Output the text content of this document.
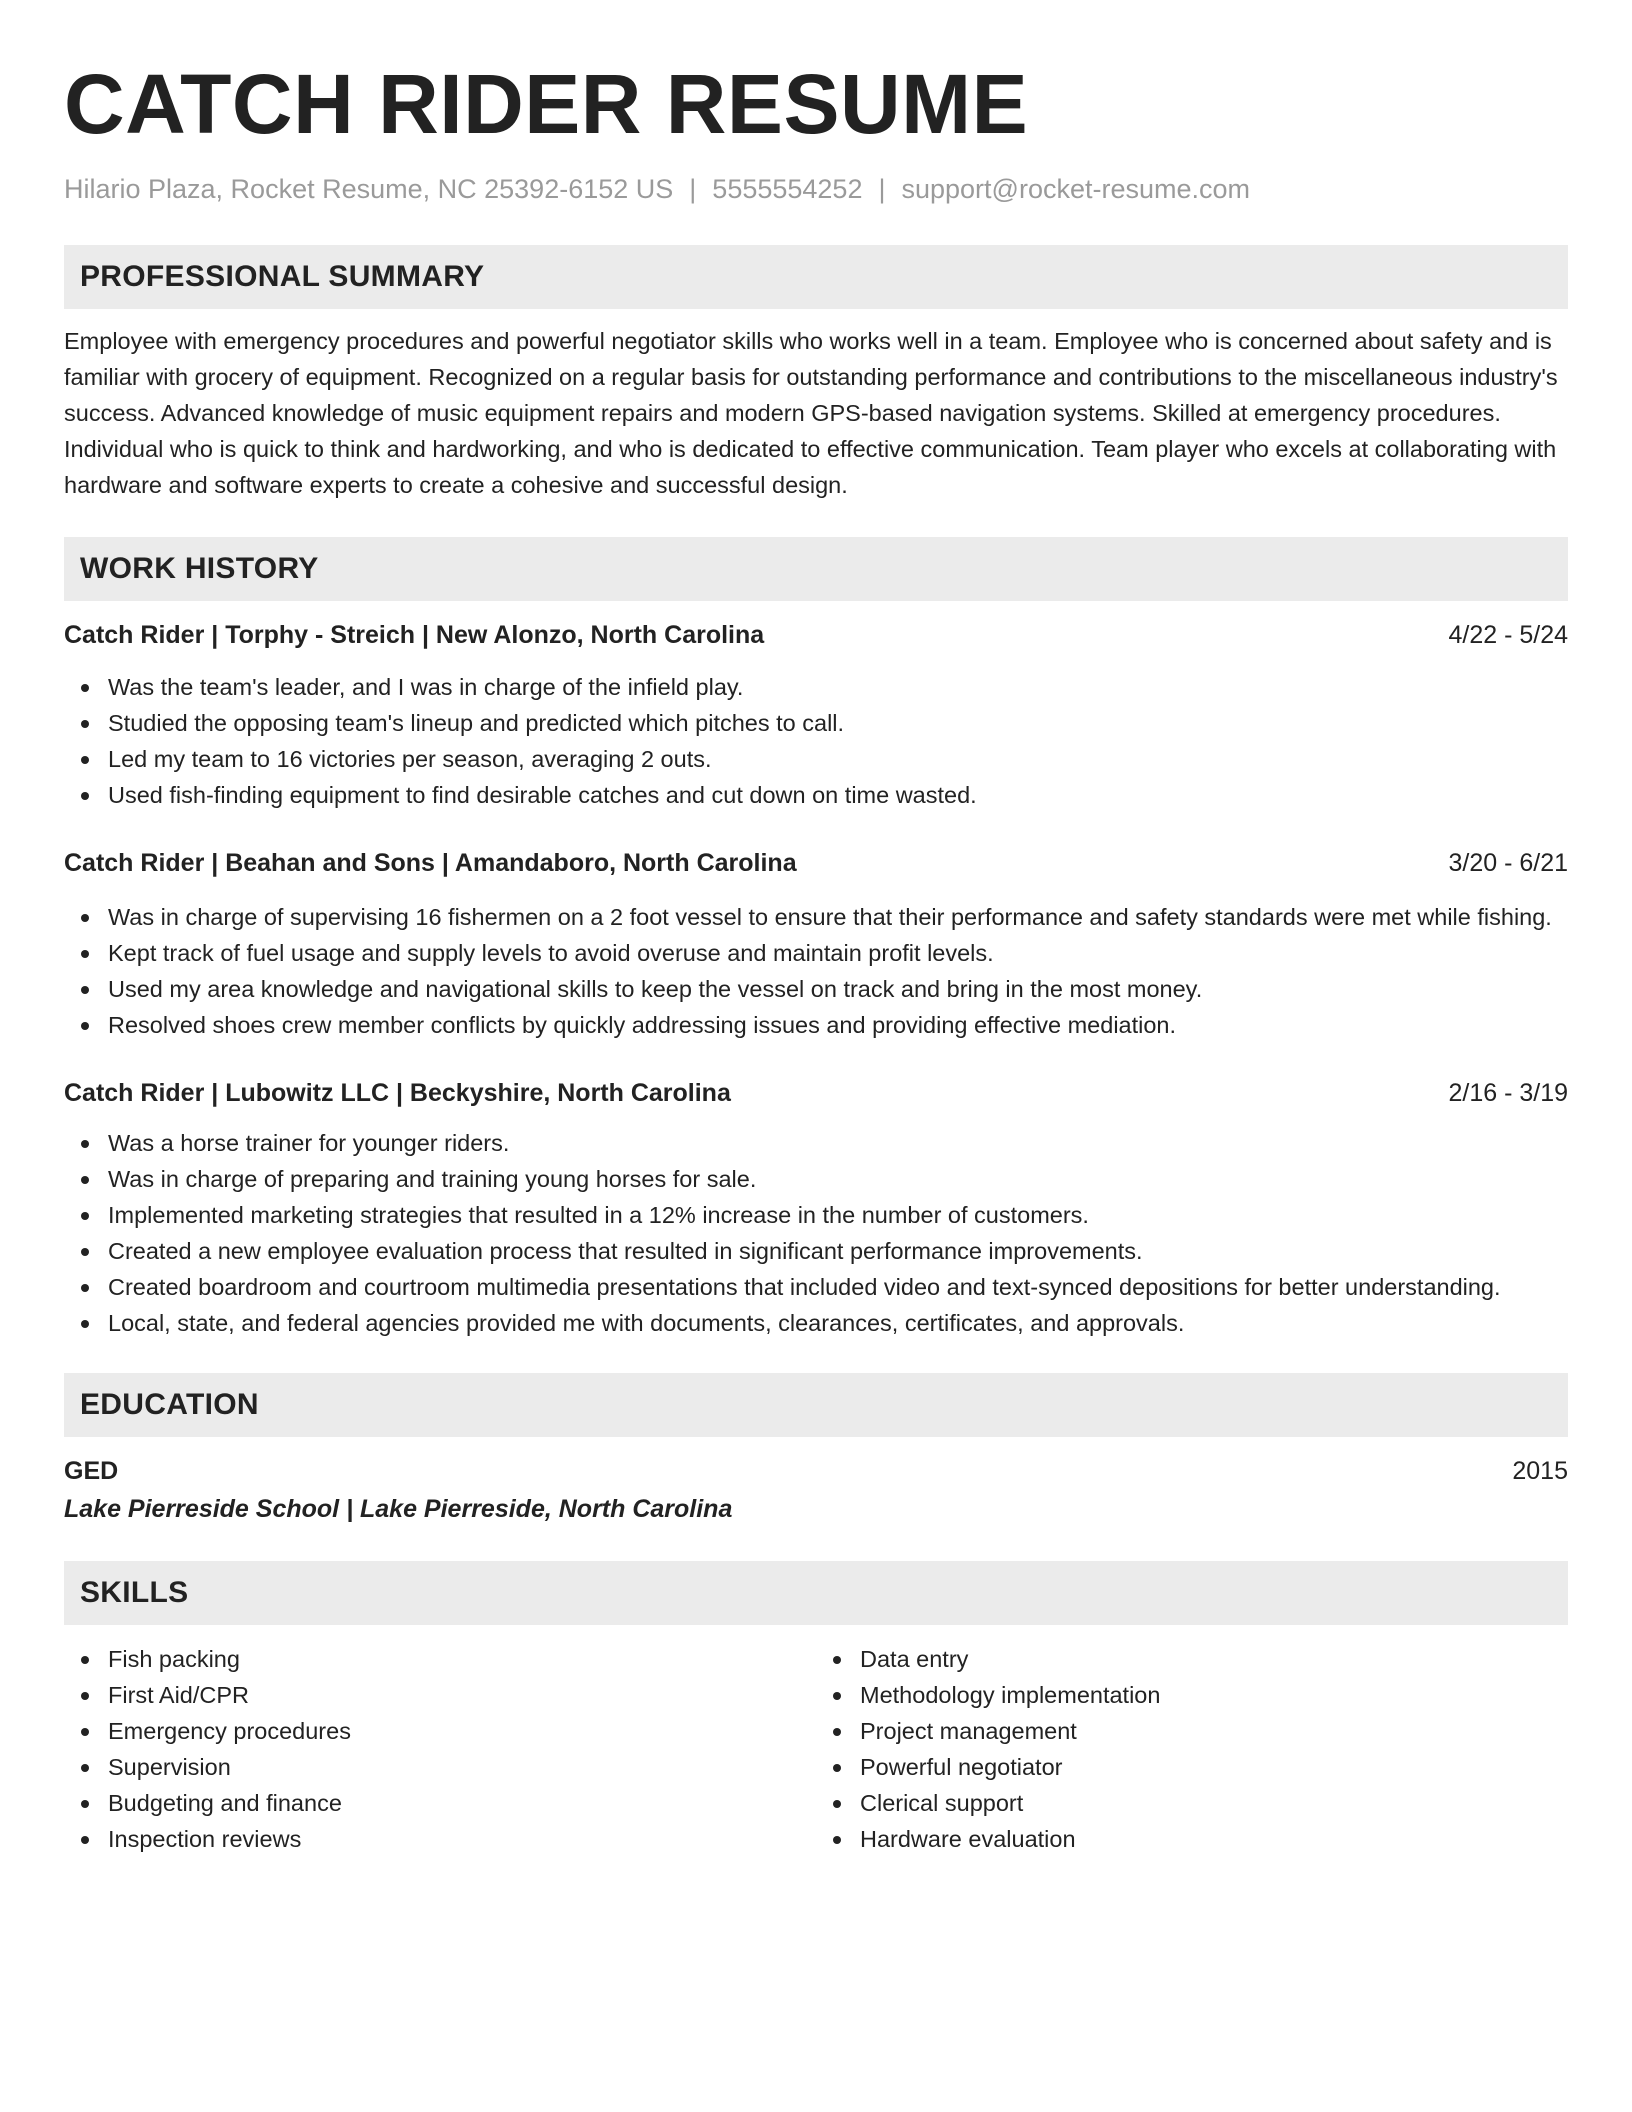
CATCH RIDER RESUME
Hilario Plaza, Rocket Resume, NC 25392-6152 US | 5555554252 | support@rocket-resume.com
PROFESSIONAL SUMMARY
Employee with emergency procedures and powerful negotiator skills who works well in a team. Employee who is concerned about safety and is familiar with grocery of equipment. Recognized on a regular basis for outstanding performance and contributions to the miscellaneous industry's success. Advanced knowledge of music equipment repairs and modern GPS-based navigation systems. Skilled at emergency procedures. Individual who is quick to think and hardworking, and who is dedicated to effective communication. Team player who excels at collaborating with hardware and software experts to create a cohesive and successful design.
WORK HISTORY
Catch Rider | Torphy - Streich | New Alonzo, North Carolina	4/22 - 5/24
Was the team's leader, and I was in charge of the infield play.
Studied the opposing team's lineup and predicted which pitches to call.
Led my team to 16 victories per season, averaging 2 outs.
Used fish-finding equipment to find desirable catches and cut down on time wasted.
Catch Rider | Beahan and Sons | Amandaboro, North Carolina	3/20 - 6/21
Was in charge of supervising 16 fishermen on a 2 foot vessel to ensure that their performance and safety standards were met while fishing.
Kept track of fuel usage and supply levels to avoid overuse and maintain profit levels.
Used my area knowledge and navigational skills to keep the vessel on track and bring in the most money.
Resolved shoes crew member conflicts by quickly addressing issues and providing effective mediation.
Catch Rider | Lubowitz LLC | Beckyshire, North Carolina	2/16 - 3/19
Was a horse trainer for younger riders.
Was in charge of preparing and training young horses for sale.
Implemented marketing strategies that resulted in a 12% increase in the number of customers.
Created a new employee evaluation process that resulted in significant performance improvements.
Created boardroom and courtroom multimedia presentations that included video and text-synced depositions for better understanding.
Local, state, and federal agencies provided me with documents, clearances, certificates, and approvals.
EDUCATION
GED	2015
Lake Pierreside School | Lake Pierreside, North Carolina
SKILLS
Fish packing
First Aid/CPR
Emergency procedures
Supervision
Budgeting and finance
Inspection reviews
Data entry
Methodology implementation
Project management
Powerful negotiator
Clerical support
Hardware evaluation
